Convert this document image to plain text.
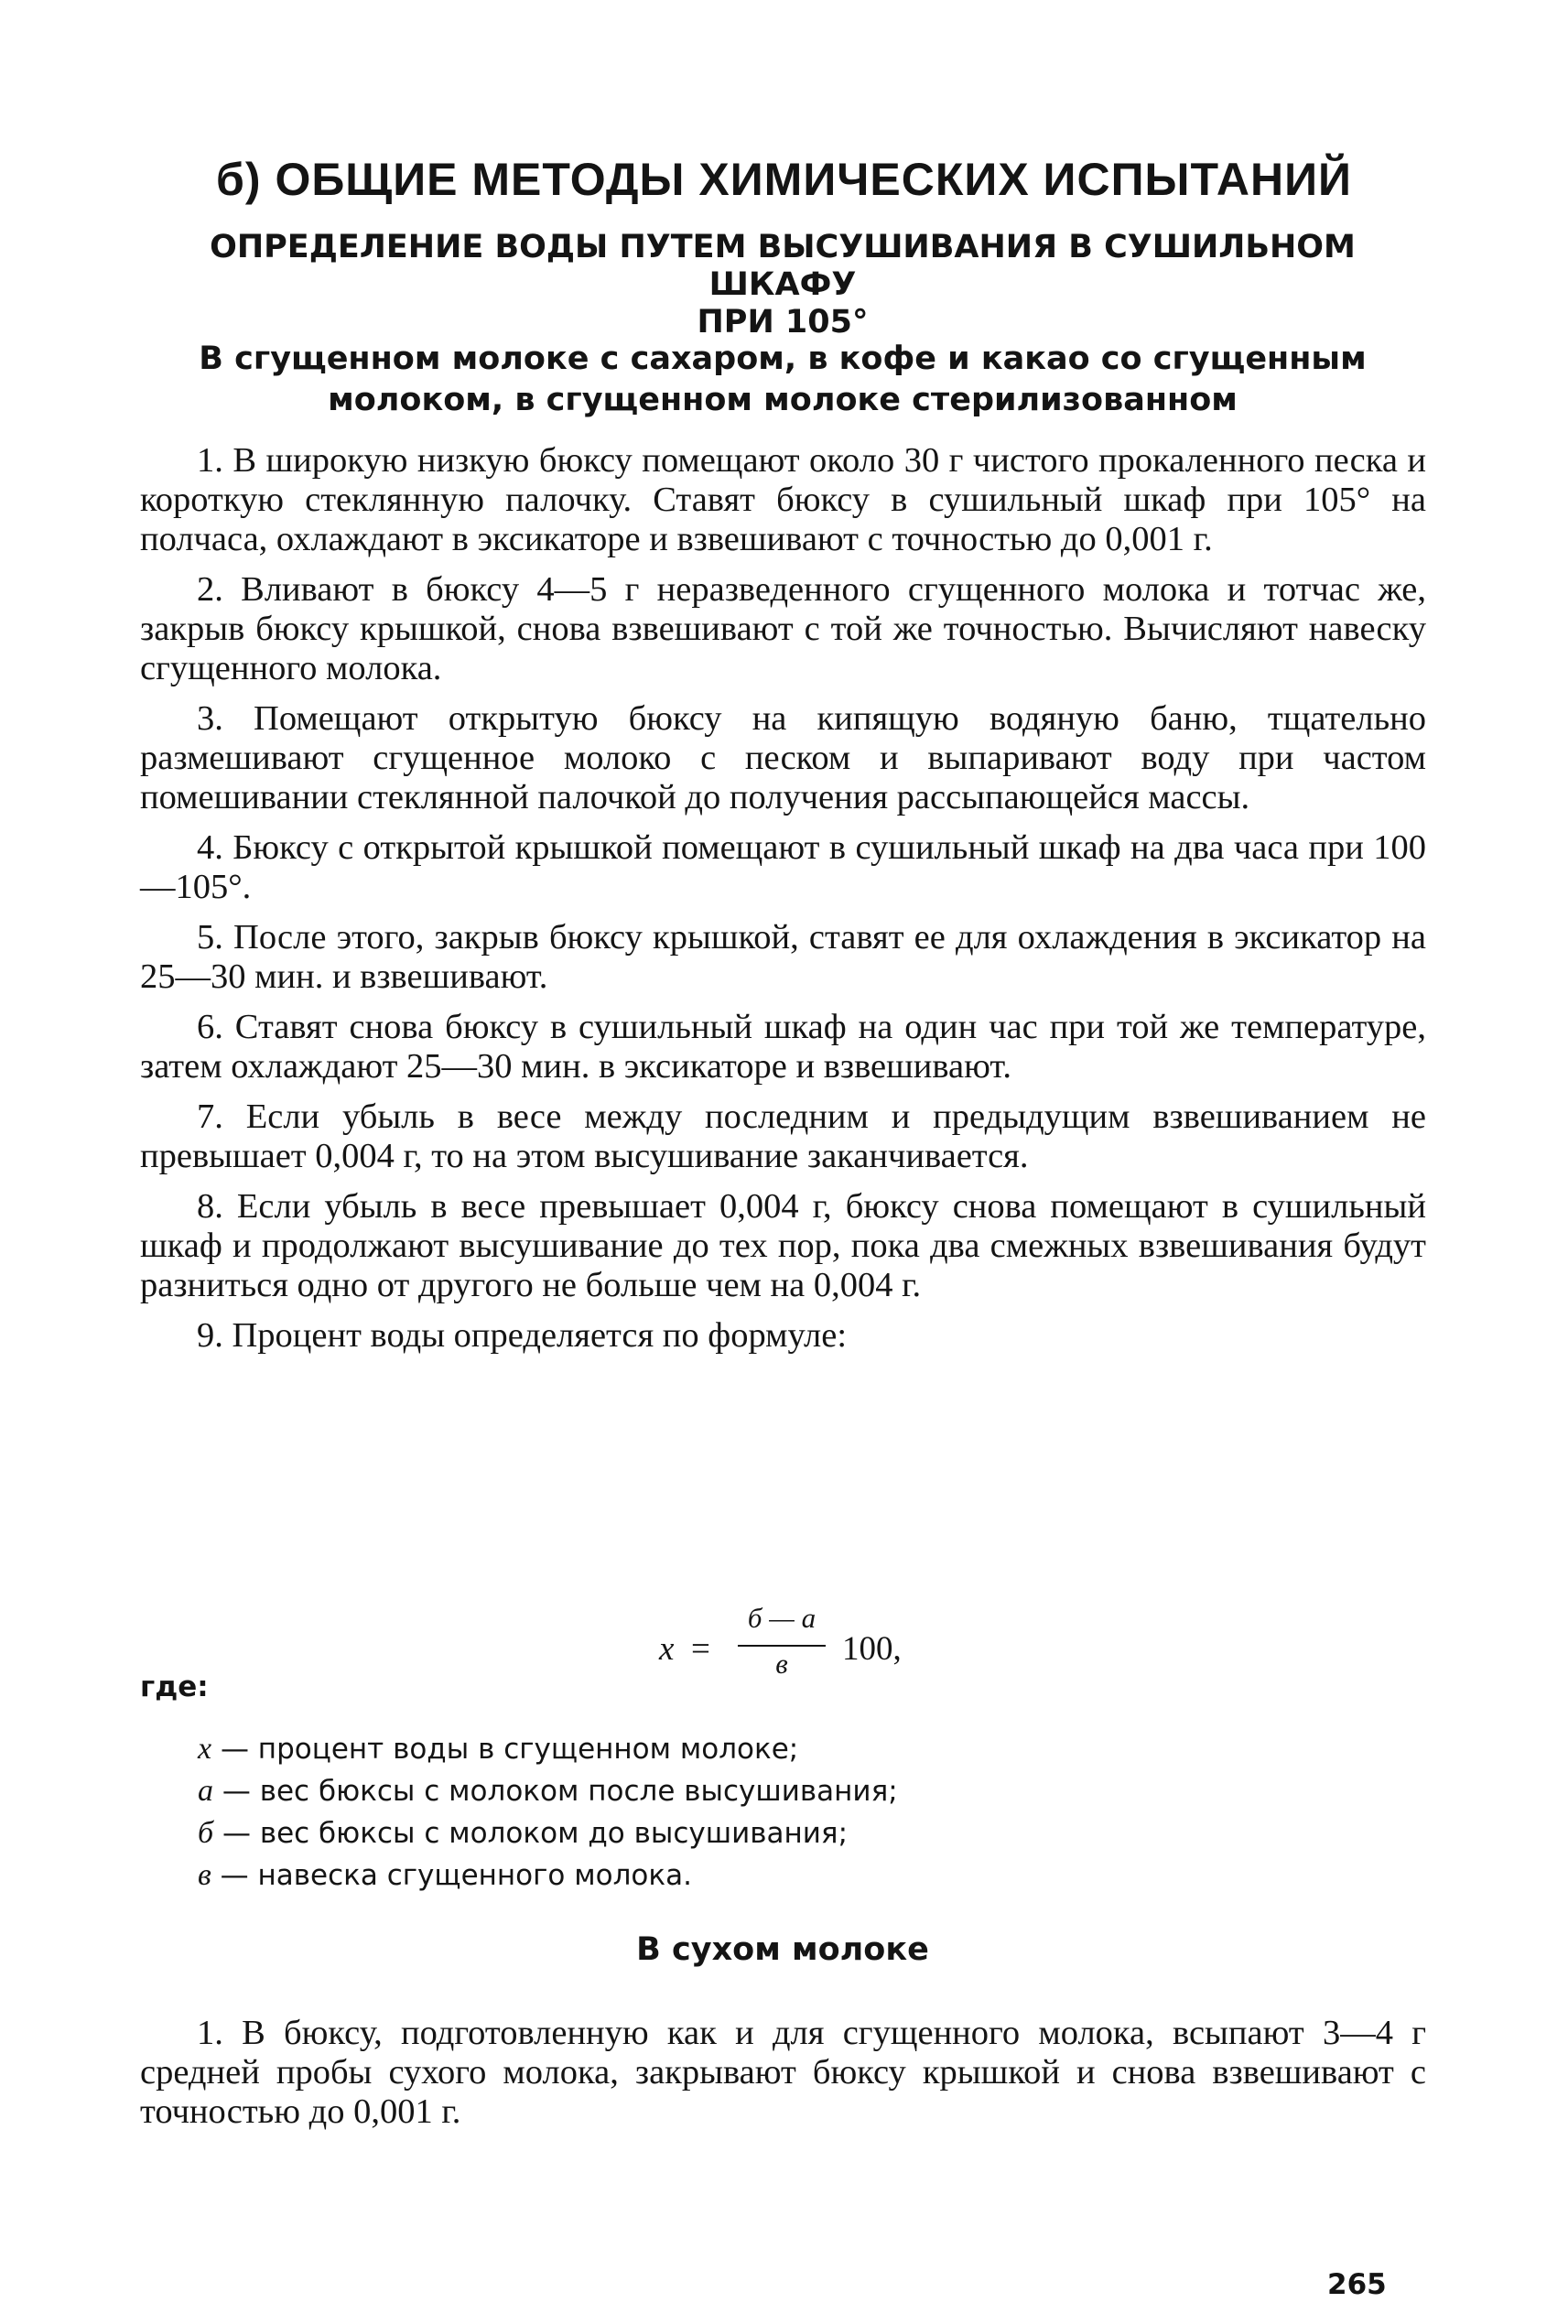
б) ОБЩИЕ МЕТОДЫ ХИМИЧЕСКИХ ИСПЫТАНИЙ
ОПРЕДЕЛЕНИЕ ВОДЫ ПУТЕМ ВЫСУШИВАНИЯ В СУШИЛЬНОМ ШКАФУ
ПРИ 105°
В сгущенном молоке с сахаром, в кофе и какао со сгущенным
молоком, в сгущенном молоке стерилизованном

1. В широкую низкую бюксу помещают около 30 г чистого прокаленного песка и короткую стеклянную палочку. Ставят бюксу в сушильный шкаф при 105° на полчаса, охлаждают в эксикаторе и взвешивают с точностью до 0,001 г.

2. Вливают в бюксу 4—5 г неразведенного сгущенного молока и тотчас же, закрыв бюксу крышкой, снова взвешивают с той же точностью. Вычисляют навеску сгущенного молока.

3. Помещают открытую бюксу на кипящую водяную баню, тщательно размешивают сгущенное молоко с песком и выпаривают воду при частом помешивании стеклянной палочкой до получения рассыпающейся массы.

4. Бюксу с открытой крышкой помещают в сушильный шкаф на два часа при 100—105°.

5. После этого, закрыв бюксу крышкой, ставят ее для охлаждения в эксикатор на 25—30 мин. и взвешивают.

6. Ставят снова бюксу в сушильный шкаф на один час при той же температуре, затем охлаждают 25—30 мин. в эксикаторе и взвешивают.

7. Если убыль в весе между последним и предыдущим взвешиванием не превышает 0,004 г, то на этом высушивание заканчивается.

8. Если убыль в весе превышает 0,004 г, бюксу снова помещают в сушильный шкаф и продолжают высушивание до тех пор, пока два смежных взвешивания будут разниться одно от другого не больше чем на 0,004 г.

9. Процент воды определяется по формуле:

x =
б — а
в	100,

где:

x — процент воды в сгущенном молоке;
а — вес бюксы с молоком после высушивания;
б — вес бюксы с молоком до высушивания;
в — навеска сгущенного молока.
В сухом молоке

1. В бюксу, подготовленную как и для сгущенного молока, всыпают 3—4 г средней пробы сухого молока, закрывают бюксу крышкой и снова взвешивают с точностью до 0,001 г.

265
